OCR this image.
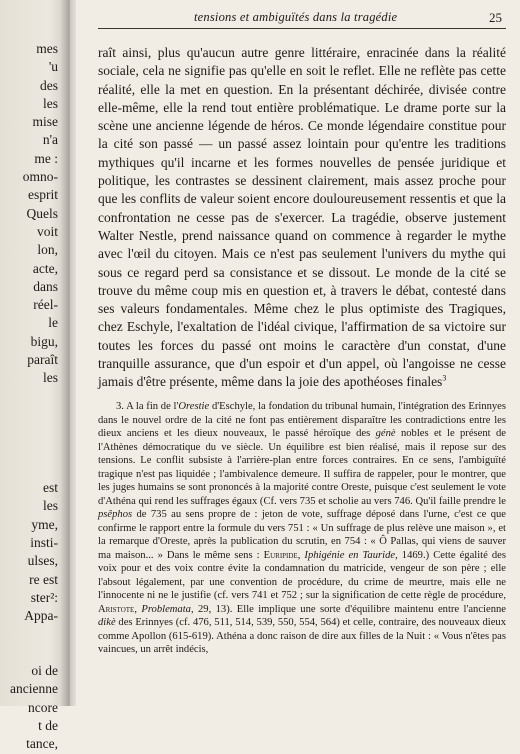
mes
'u
des
les
mise
n'a
me :
omno-
esprit
Quels
voit
lon,
acte,
dans
réel-
le
bigu,
paraît
les

est
les
yme,
insti-
ulses,
re est
ster²:
Appa-

oi de
ancienne
ncore
t de
tance,
tensions et ambiguïtés dans la tragédie	25

raît ainsi, plus qu'aucun autre genre littéraire, enracinée dans la réalité sociale, cela ne signifie pas qu'elle en soit le reflet. Elle ne reflète pas cette réalité, elle la met en question. En la présentant déchirée, divisée contre elle-même, elle la rend tout entière problématique. Le drame porte sur la scène une ancienne légende de héros. Ce monde légendaire constitue pour la cité son passé — un passé assez lointain pour qu'entre les traditions mythiques qu'il incarne et les formes nouvelles de pensée juridique et politique, les contrastes se dessinent clairement, mais assez proche pour que les conflits de valeur soient encore douloureusement ressentis et que la confrontation ne cesse pas de s'exercer. La tragédie, observe justement Walter Nestle, prend naissance quand on commence à regarder le mythe avec l'œil du citoyen. Mais ce n'est pas seulement l'univers du mythe qui sous ce regard perd sa consistance et se dissout. Le monde de la cité se trouve du même coup mis en question et, à travers le débat, contesté dans ses valeurs fondamentales. Même chez le plus optimiste des Tragiques, chez Eschyle, l'exaltation de l'idéal civique, l'affirmation de sa victoire sur toutes les forces du passé ont moins le caractère d'un constat, d'une tranquille assurance, que d'un espoir et d'un appel, où l'angoisse ne cesse jamais d'être présente, même dans la joie des apothéoses finales$^3$

3. A la fin de l'Orestie d'Eschyle, la fondation du tribunal humain, l'intégration des Erinnyes dans le nouvel ordre de la cité ne font pas entièrement disparaître les contradictions entre les dieux anciens et les dieux nouveaux, le passé héroïque des génè nobles et le présent de l'Athènes démocratique du ve siècle. Un équilibre est bien réalisé, mais il repose sur des tensions. Le conflit subsiste à l'arrière-plan entre forces contraires. En ce sens, l'ambiguïté tragique n'est pas liquidée ; l'ambivalence demeure. Il suffira de rappeler, pour le montrer, que les juges humains se sont prononcés à la majorité contre Oreste, puisque c'est seulement le vote d'Athéna qui rend les suffrages égaux (Cf. vers 735 et scholie au vers 746. Qu'il faille prendre le psêphos de 735 au sens propre de : jeton de vote, suffrage déposé dans l'urne, c'est ce que confirme le rapport entre la formule du vers 751 : « Un suffrage de plus relève une maison », et la remarque d'Oreste, après la publication du scrutin, en 754 : « Ô Pallas, qui viens de sauver ma maison... » Dans le même sens : Euripide, Iphigénie en Tauride, 1469.) Cette égalité des voix pour et des voix contre évite la condamnation du matricide, vengeur de son père ; elle l'absout légalement, par une convention de procédure, du crime de meurtre, mais elle ne l'innocente ni ne le justifie (cf. vers 741 et 752 ; sur la signification de cette règle de procédure, Aristote, Problemata, 29, 13). Elle implique une sorte d'équilibre maintenu entre l'ancienne dikè des Erinnyes (cf. 476, 511, 514, 539, 550, 554, 564) et celle, contraire, des nouveaux dieux comme Apollon (615-619). Athéna a donc raison de dire aux filles de la Nuit : « Vous n'êtes pas vaincues, un arrêt indécis,
